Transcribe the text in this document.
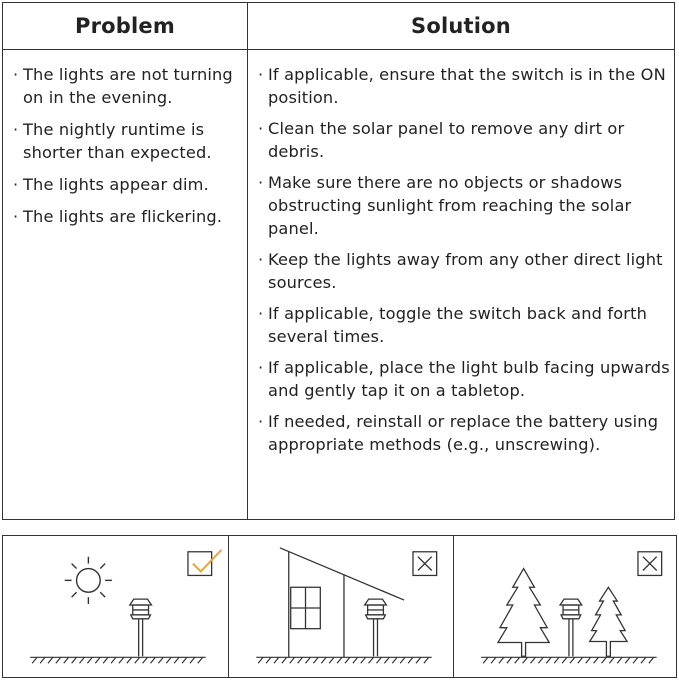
Problem	Solution
· The lights are not turning on in the evening.
· The nightly runtime is shorter than expected.
· The lights appear dim.
· The lights are flickering.
· If applicable, ensure that the switch is in the ON position.
· Clean the solar panel to remove any dirt or debris.
· Make sure there are no objects or shadows obstructing sunlight from reaching the solar panel.
· Keep the lights away from any other direct light sources.
· If applicable, toggle the switch back and forth several times.
· If applicable, place the light bulb facing upwards and gently tap it on a tabletop.
· If needed, reinstall or replace the battery using appropriate methods (e.g., unscrewing).
